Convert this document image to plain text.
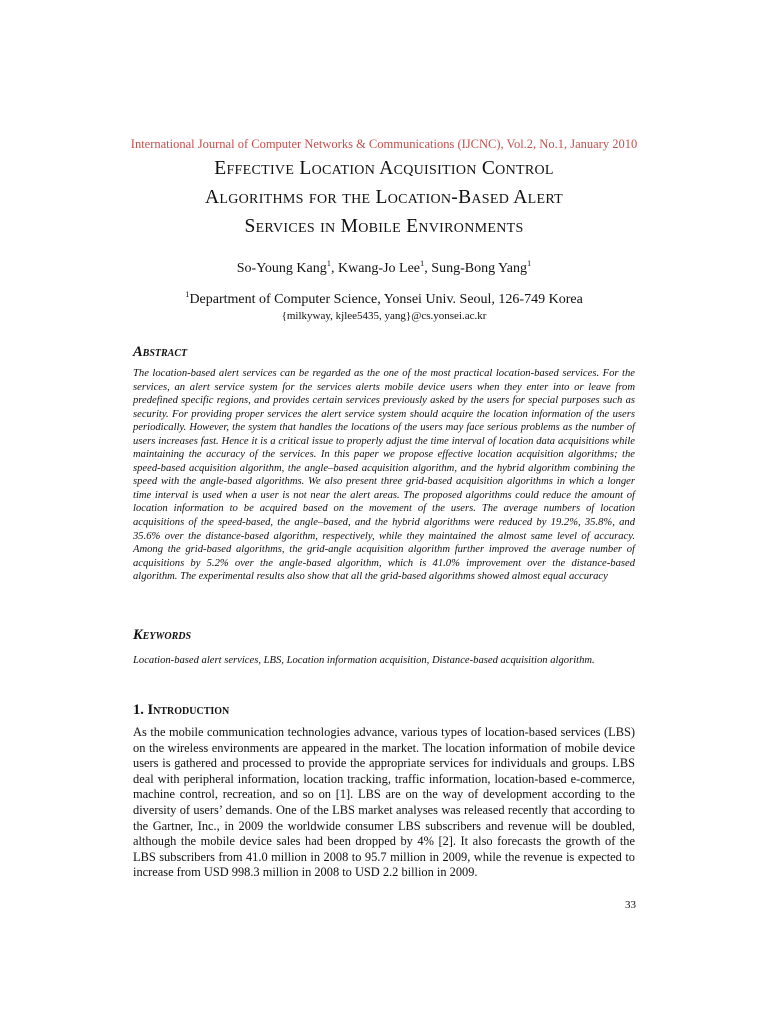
International Journal of Computer Networks & Communications (IJCNC), Vol.2, No.1, January 2010
Effective Location Acquisition Control
Algorithms for the Location-Based Alert
Services in Mobile Environments
So-Young Kang$^1$, Kwang-Jo Lee$^1$, Sung-Bong Yang$^1$
$^1$Department of Computer Science, Yonsei Univ. Seoul, 126-749 Korea
{milkyway, kjlee5435, yang}@cs.yonsei.ac.kr
Abstract
The location-based alert services can be regarded as the one of the most practical location-based services. For the services, an alert service system for the services alerts mobile device users when they enter into or leave from predefined specific regions, and provides certain services previously asked by the users for special purposes such as security. For providing proper services the alert service system should acquire the location information of the users periodically. However, the system that handles the locations of the users may face serious problems as the number of users increases fast. Hence it is a critical issue to properly adjust the time interval of location data acquisitions while maintaining the accuracy of the services. In this paper we propose effective location acquisition algorithms; the speed-based acquisition algorithm, the angle–based acquisition algorithm, and the hybrid algorithm combining the speed with the angle-based algorithms. We also present three grid-based acquisition algorithms in which a longer time interval is used when a user is not near the alert areas. The proposed algorithms could reduce the amount of location information to be acquired based on the movement of the users. The average numbers of location acquisitions of the speed-based, the angle–based, and the hybrid algorithms were reduced by 19.2%, 35.8%, and 35.6% over the distance-based algorithm, respectively, while they maintained the almost same level of accuracy. Among the grid-based algorithms, the grid-angle acquisition algorithm further improved the average number of acquisitions by 5.2% over the angle-based algorithm, which is 41.0% improvement over the distance-based algorithm. The experimental results also show that all the grid-based algorithms showed almost equal accuracy
Keywords
Location-based alert services, LBS, Location information acquisition, Distance-based acquisition algorithm.
1. Introduction
As the mobile communication technologies advance, various types of location-based services (LBS) on the wireless environments are appeared in the market. The location information of mobile device users is gathered and processed to provide the appropriate services for individuals and groups. LBS deal with peripheral information, location tracking, traffic information, location-based e-commerce, machine control, recreation, and so on [1]. LBS are on the way of development according to the diversity of users’ demands. One of the LBS market analyses was released recently that according to the Gartner, Inc., in 2009 the worldwide consumer LBS subscribers and revenue will be doubled, although the mobile device sales had been dropped by 4% [2]. It also forecasts the growth of the LBS subscribers from 41.0 million in 2008 to 95.7 million in 2009, while the revenue is expected to increase from USD 998.3 million in 2008 to USD 2.2 billion in 2009.
33
